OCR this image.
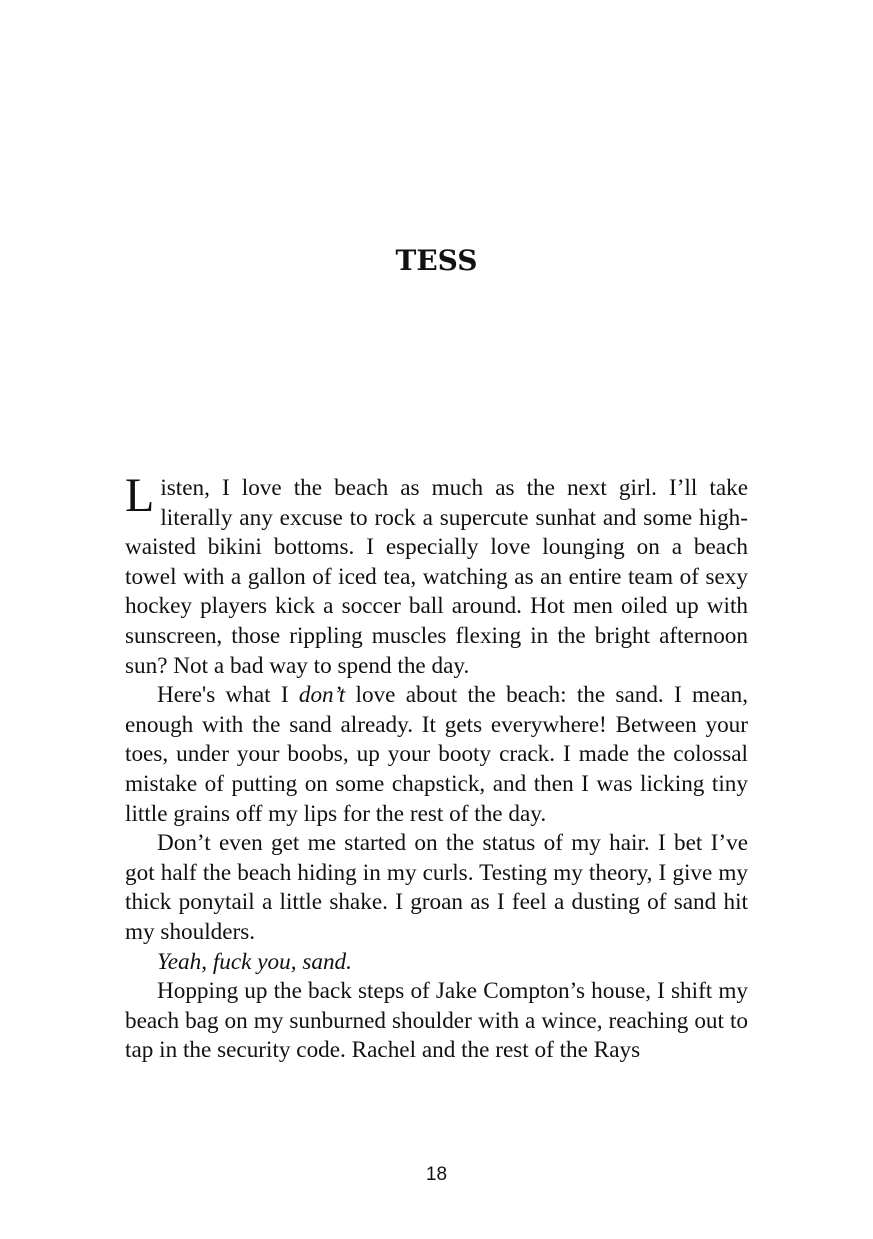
TESS

Listen, I love the beach as much as the next girl. I’ll take literally any excuse to rock a supercute sunhat and some high-waisted bikini bottoms. I especially love lounging on a beach towel with a gallon of iced tea, watching as an entire team of sexy hockey players kick a soccer ball around. Hot men oiled up with sunscreen, those rippling muscles flexing in the bright afternoon sun? Not a bad way to spend the day.

Here's what I don’t love about the beach: the sand. I mean, enough with the sand already. It gets everywhere! Between your toes, under your boobs, up your booty crack. I made the colossal mistake of putting on some chapstick, and then I was licking tiny little grains off my lips for the rest of the day.

Don’t even get me started on the status of my hair. I bet I’ve got half the beach hiding in my curls. Testing my theory, I give my thick ponytail a little shake. I groan as I feel a dusting of sand hit my shoulders.

Yeah, fuck you, sand.

Hopping up the back steps of Jake Compton’s house, I shift my beach bag on my sunburned shoulder with a wince, reaching out to tap in the security code. Rachel and the rest of the Rays

18
